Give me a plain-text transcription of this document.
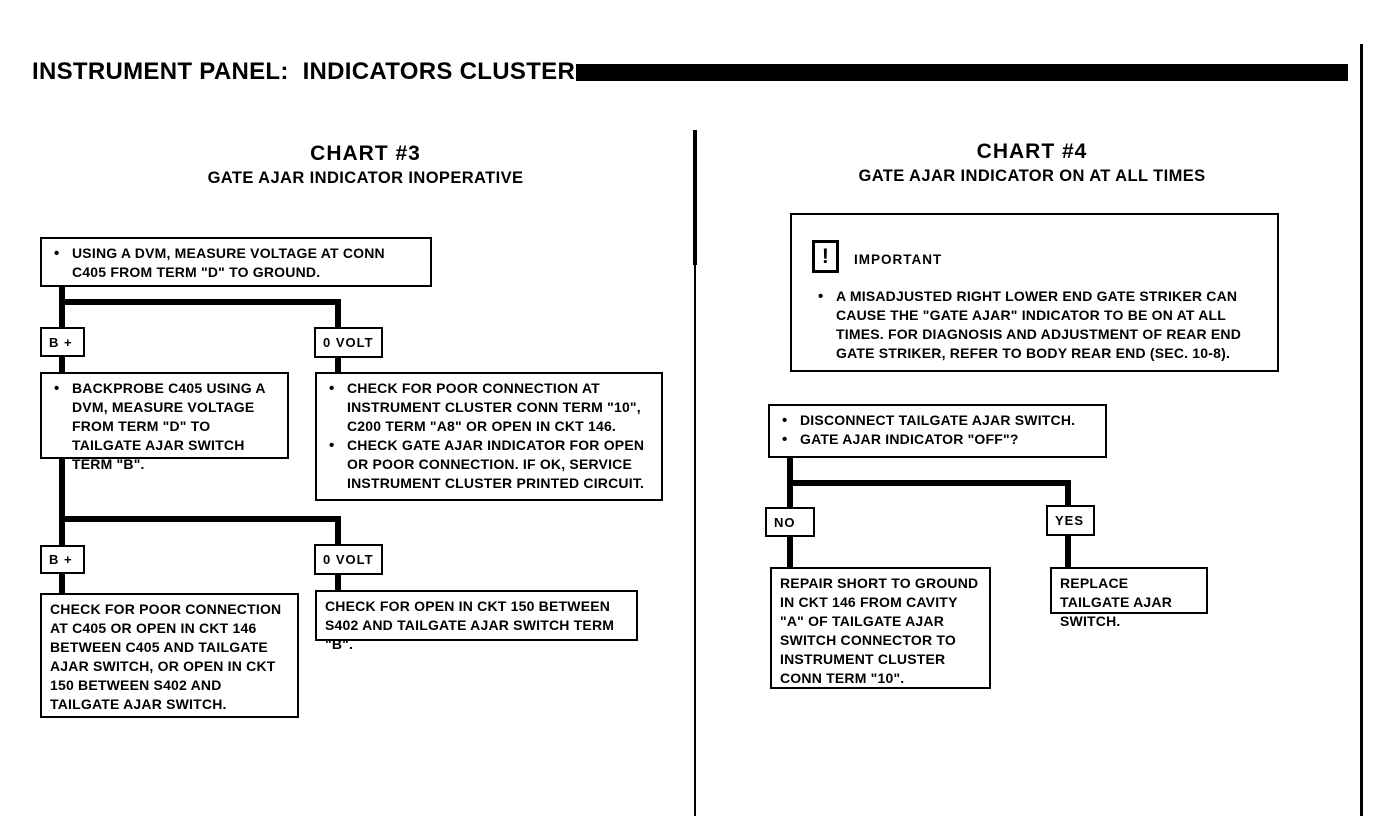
INSTRUMENT PANEL:  INDICATORS CLUSTER
CHART #3
GATE AJAR INDICATOR INOPERATIVE
•
USING A DVM, MEASURE VOLTAGE AT CONN C405 FROM TERM "D" TO GROUND.
B +	0 VOLT
•
BACKPROBE C405 USING A DVM, MEASURE VOLTAGE FROM TERM "D" TO TAILGATE AJAR SWITCH TERM "B".
•
CHECK FOR POOR CONNECTION AT INSTRUMENT CLUSTER CONN TERM "10", C200 TERM "A8" OR OPEN IN CKT 146.
•
CHECK GATE AJAR INDICATOR FOR OPEN OR POOR CONNECTION. IF OK, SERVICE INSTRUMENT CLUSTER PRINTED CIRCUIT.
B +	0 VOLT
CHECK FOR POOR CONNECTION AT C405 OR OPEN IN CKT 146 BETWEEN C405 AND TAILGATE AJAR SWITCH, OR OPEN IN CKT 150 BETWEEN S402 AND TAILGATE AJAR SWITCH.
CHECK FOR OPEN IN CKT 150 BETWEEN S402 AND TAILGATE AJAR SWITCH TERM "B".
CHART #4
GATE AJAR INDICATOR ON AT ALL TIMES
! IMPORTANT
•
A MISADJUSTED RIGHT LOWER END GATE STRIKER CAN CAUSE THE "GATE AJAR" INDICATOR TO BE ON AT ALL TIMES. FOR DIAGNOSIS AND ADJUSTMENT OF REAR END GATE STRIKER, REFER TO BODY REAR END (SEC. 10-8).
•
DISCONNECT TAILGATE AJAR SWITCH.
•
GATE AJAR INDICATOR "OFF"?
NO	YES
REPAIR SHORT TO GROUND IN CKT 146 FROM CAVITY "A" OF TAILGATE AJAR SWITCH CONNECTOR TO INSTRUMENT CLUSTER CONN TERM "10".
REPLACE TAILGATE AJAR SWITCH.
